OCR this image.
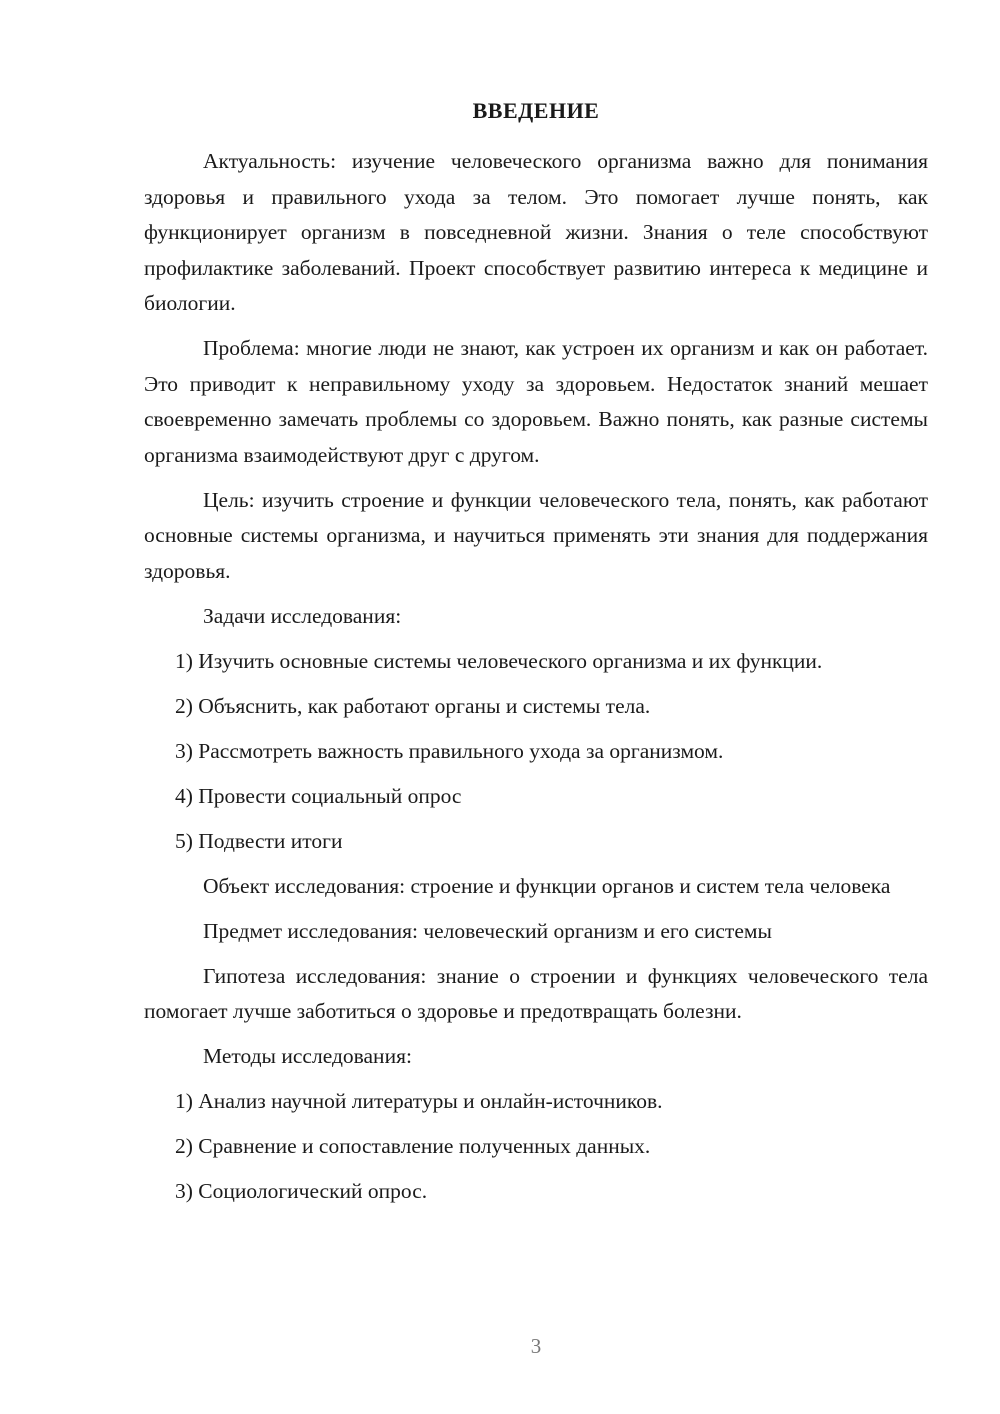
ВВЕДЕНИЕ

Актуальность: изучение человеческого организма важно для понимания здоровья и правильного ухода за телом. Это помогает лучше понять, как функционирует организм в повседневной жизни. Знания о теле способствуют профилактике заболеваний. Проект способствует развитию интереса к медицине и биологии.

Проблема: многие люди не знают, как устроен их организм и как он работает. Это приводит к неправильному уходу за здоровьем. Недостаток знаний мешает своевременно замечать проблемы со здоровьем. Важно понять, как разные системы организма взаимодействуют друг с другом.

Цель: изучить строение и функции человеческого тела, понять, как работают основные системы организма, и научиться применять эти знания для поддержания здоровья.

Задачи исследования:

1) Изучить основные системы человеческого организма и их функции.

2) Объяснить, как работают органы и системы тела.

3) Рассмотреть важность правильного ухода за организмом.

4) Провести социальный опрос

5) Подвести итоги

Объект исследования: строение и функции органов и систем тела человека

Предмет исследования: человеческий организм и его системы

Гипотеза исследования: знание о строении и функциях человеческого тела помогает лучше заботиться о здоровье и предотвращать болезни.

Методы исследования:

1) Анализ научной литературы и онлайн-источников.

2) Сравнение и сопоставление полученных данных.

3) Социологический опрос.

3
